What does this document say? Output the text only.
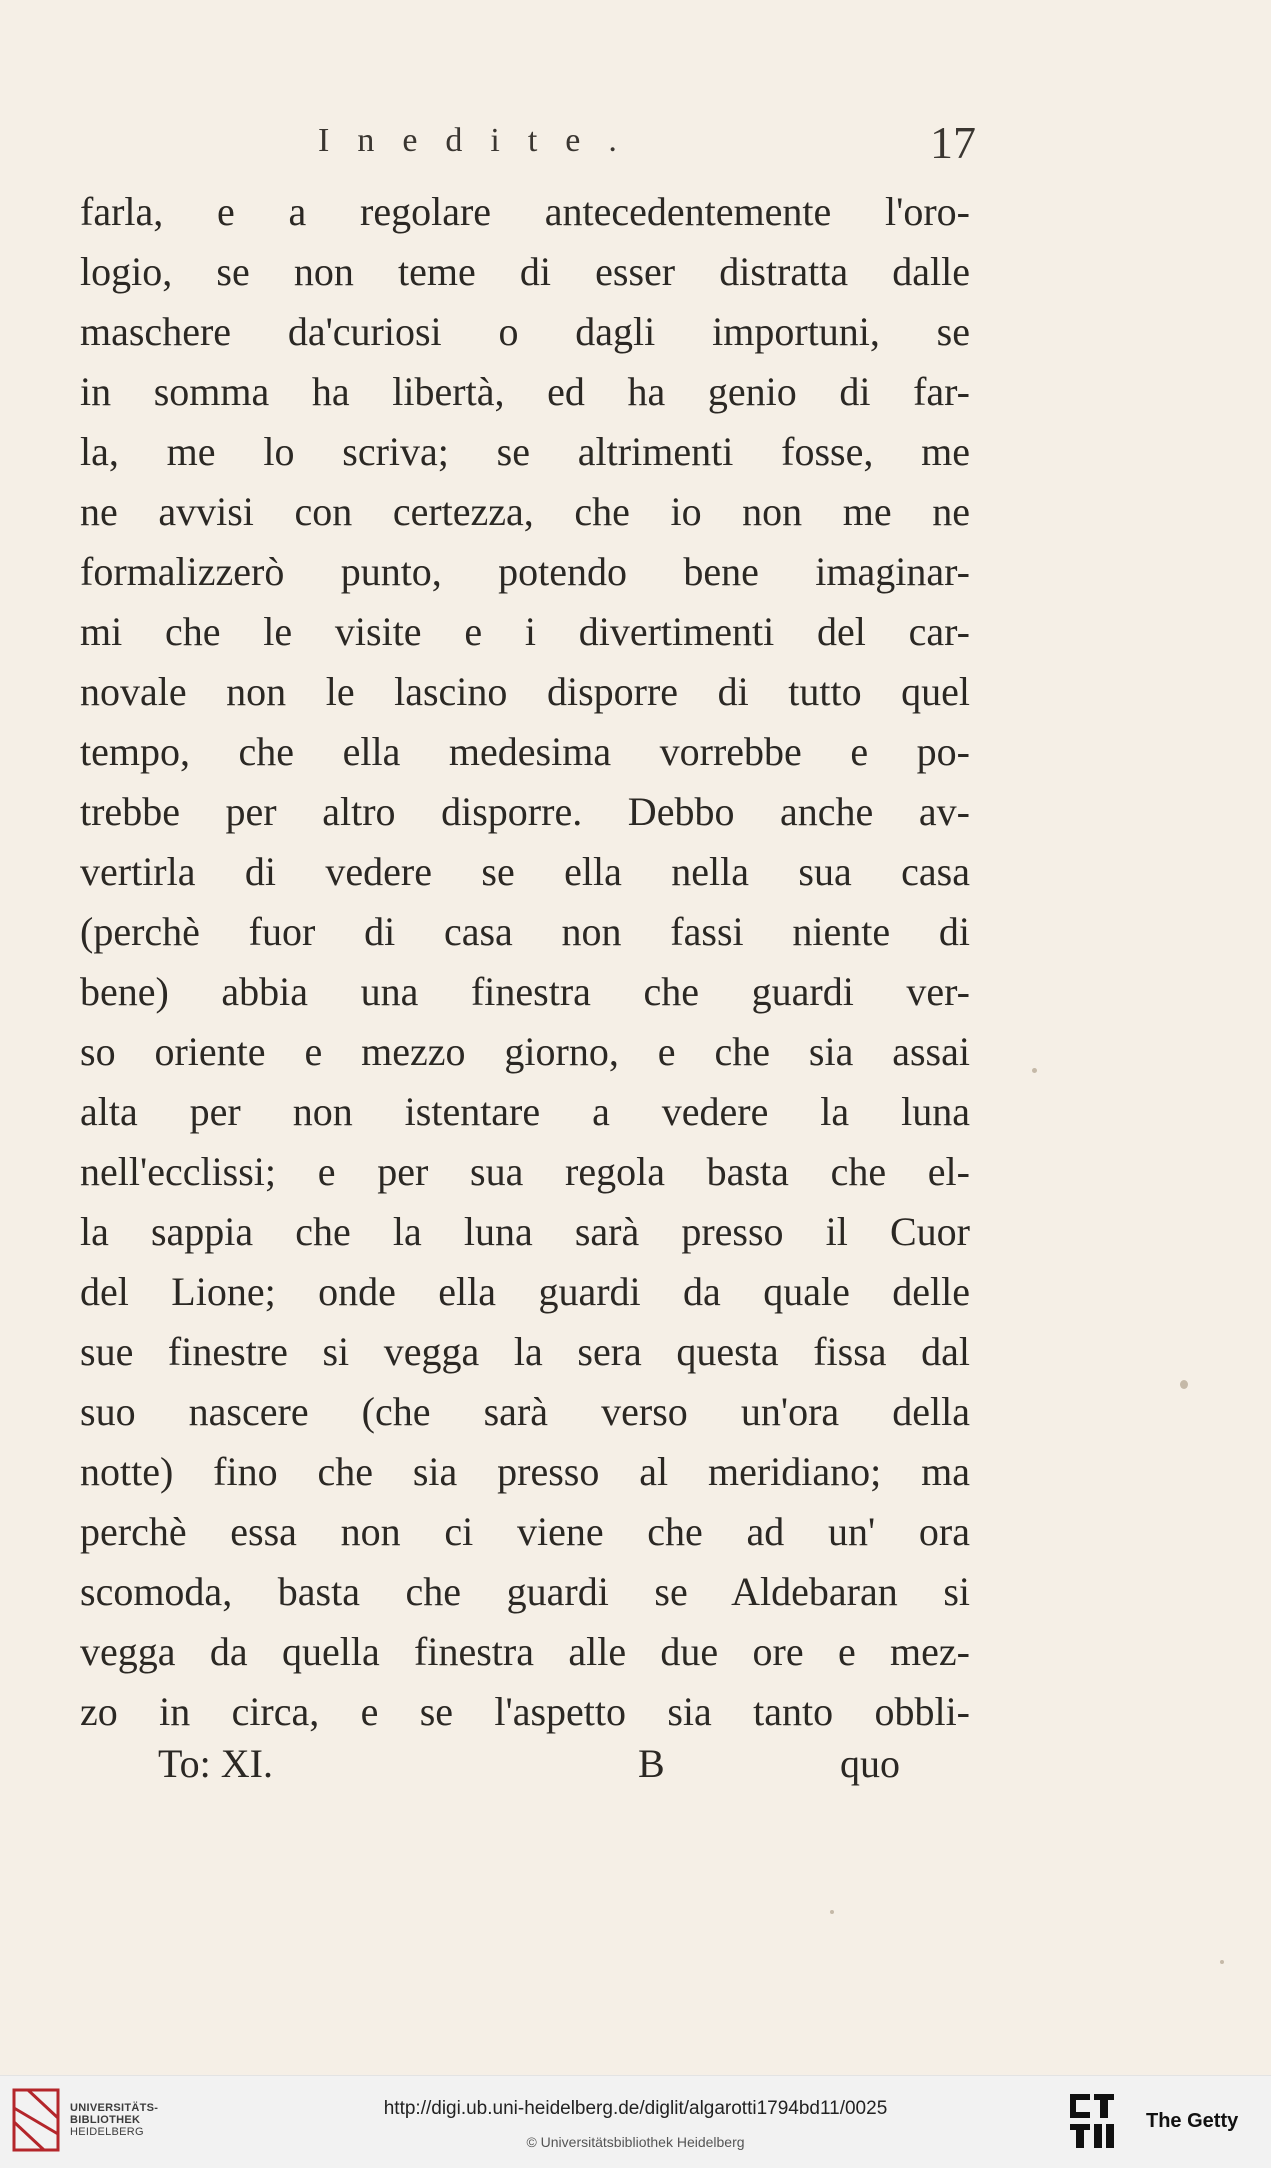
Inedite.	17
farla, e a regolare antecedentemente l'oro-
logio, se non teme di esser distratta dalle
maschere da'curiosi o dagli importuni, se
in somma ha libertà, ed ha genio di far-
la, me lo scriva; se altrimenti fosse, me
ne avvisi con certezza, che io non me ne
formalizzerò punto, potendo bene imaginar-
mi che le visite e i divertimenti del car-
novale non le lascino disporre di tutto quel
tempo, che ella medesima vorrebbe e po-
trebbe per altro disporre. Debbo anche av-
vertirla di vedere se ella nella sua casa
(perchè fuor di casa non fassi niente di
bene) abbia una finestra che guardi ver-
so oriente e mezzo giorno, e che sia assai
alta per non istentare a vedere la luna
nell'ecclissi; e per sua regola basta che el-
la sappia che la luna sarà presso il Cuor
del Lione; onde ella guardi da quale delle
sue finestre si vegga la sera questa fissa dal
suo nascere (che sarà verso un'ora della
notte) fino che sia presso al meridiano; ma
perchè essa non ci viene che ad un' ora
scomoda, basta che guardi se Aldebaran si
vegga da quella finestra alle due ore e mez-
zo in circa, e se l'aspetto sia tanto obbli-
To: XI.	B	quo
UNIVERSITÄTS-
BIBLIOTHEK
HEIDELBERG
http://digi.ub.uni-heidelberg.de/diglit/algarotti1794bd11/0025
© Universitätsbibliothek Heidelberg
The Getty
